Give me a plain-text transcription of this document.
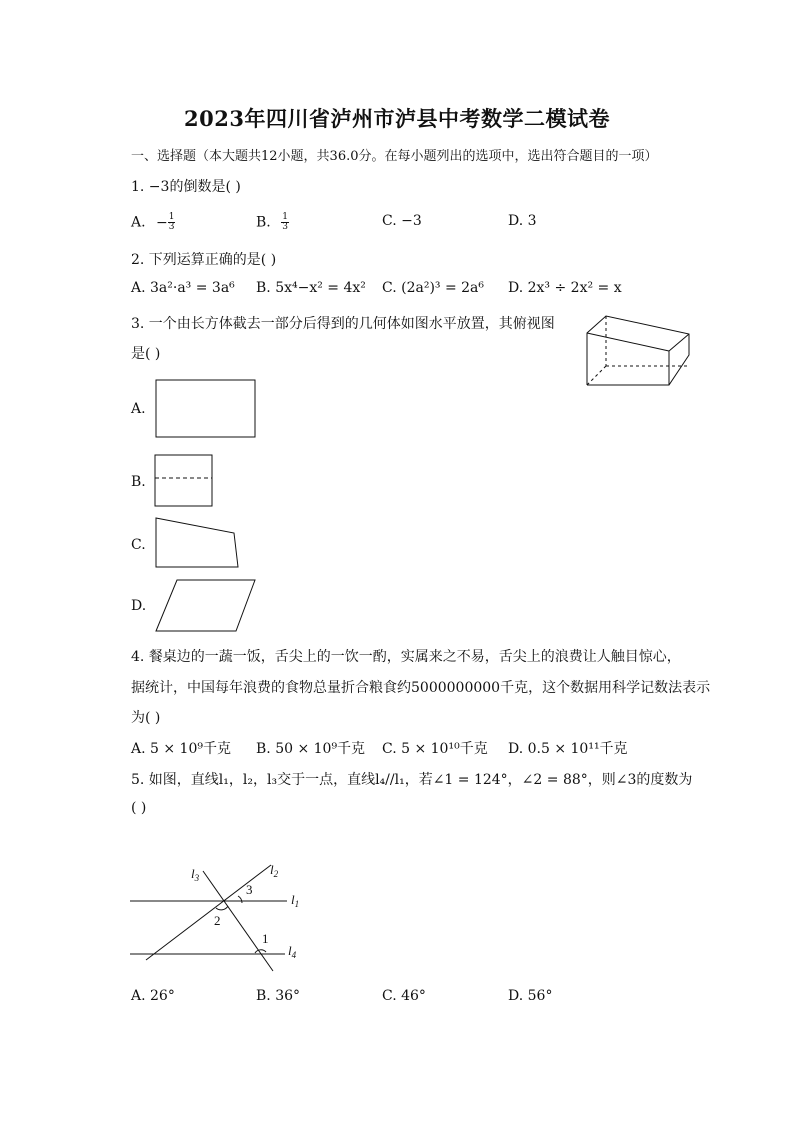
2023年四川省泸州市泸县中考数学二模试卷
一、选择题（本大题共12小题，共36.0分。在每小题列出的选项中，选出符合题目的一项）
1. −3的倒数是( )
A. − $\frac{1}{3}$	B. $\frac{1}{3}$	C. −3	D. 3
2. 下列运算正确的是( )
A. 3a²·a³ = 3a⁶ B. 5x⁴−x² = 4x² C. (2a²)³ = 2a⁶ D. 2x³ ÷ 2x² = x
3. 一个由长方体截去一部分后得到的几何体如图水平放置，其俯视图
是( )
A.
B.
C.
D.
4. 餐桌边的一蔬一饭，舌尖上的一饮一酌，实属来之不易，舌尖上的浪费让人触目惊心，
据统计，中国每年浪费的食物总量折合粮食约5000000000千克，这个数据用科学记数法表示
为( )
A. 5 × 10⁹千克 B. 50 × 10⁹千克 C. 5 × 10¹⁰千克 D. 0.5 × 10¹¹千克
5. 如图，直线l₁，l₂，l₃交于一点，直线l₄//l₁，若∠1 = 124°，∠2 = 88°，则∠3的度数为
( )
$l_3$
$l_2$
$l_1$
$l_4$
3
2
1
A. 26°	B. 36°	C. 46°	D. 56°
